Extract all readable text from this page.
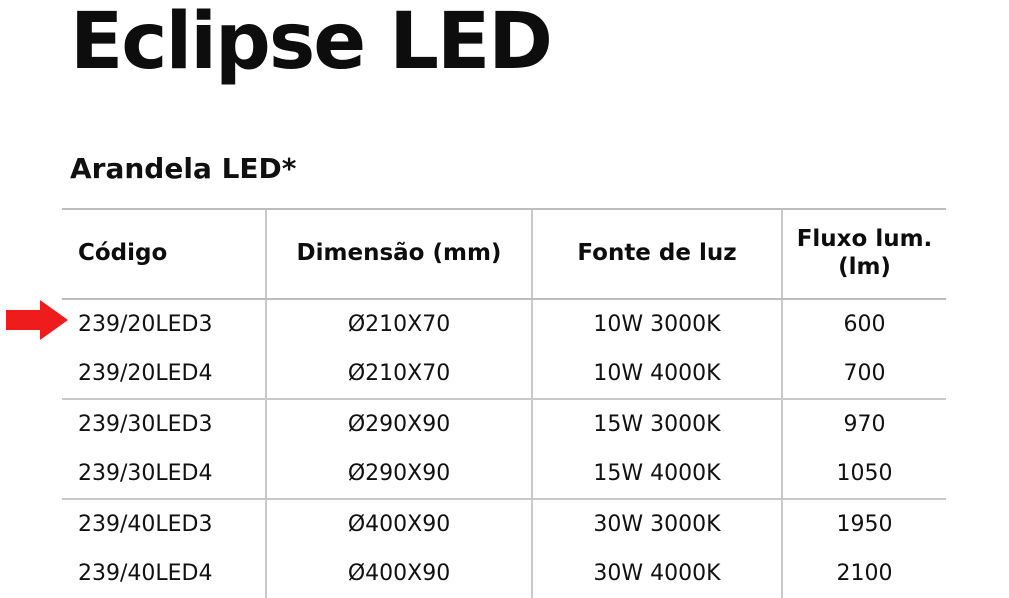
Eclipse LED
Arandela LED*
Código	Dimensão (mm)	Fonte de luz	Fluxo lum.
(lm)
239/20LED3	Ø210X70	10W 3000K	600
239/20LED4	Ø210X70	10W 4000K	700
239/30LED3	Ø290X90	15W 3000K	970
239/30LED4	Ø290X90	15W 4000K	1050
239/40LED3	Ø400X90	30W 3000K	1950
239/40LED4	Ø400X90	30W 4000K	2100
